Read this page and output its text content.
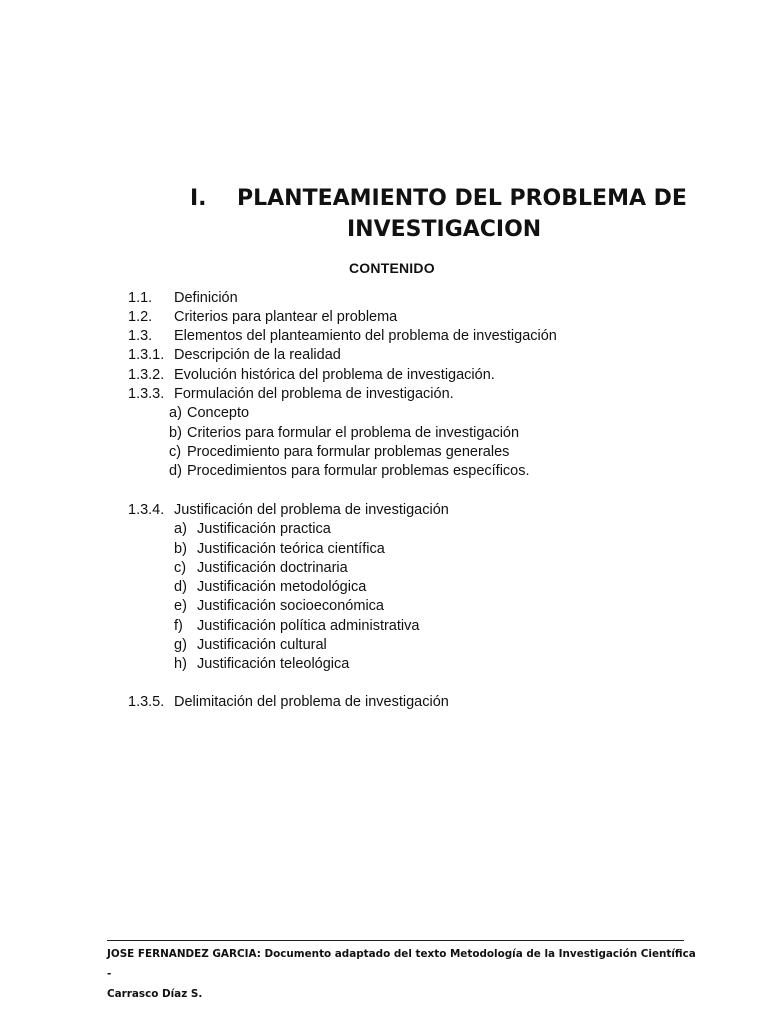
I. PLANTEAMIENTO DEL PROBLEMA DE
INVESTIGACION
CONTENIDO
1.1. Definición
1.2. Criterios para plantear el problema
1.3. Elementos del planteamiento del problema de investigación
1.3.1. Descripción de la realidad
1.3.2. Evolución histórica del problema de investigación.
1.3.3. Formulación del problema de investigación.
a) Concepto
b) Criterios para formular el problema de investigación
c) Procedimiento para formular problemas generales
d) Procedimientos para formular problemas específicos.
1.3.4. Justificación del problema de investigación
a) Justificación practica
b) Justificación teórica científica
c) Justificación doctrinaria
d) Justificación metodológica
e) Justificación socioeconómica
f) Justificación política administrativa
g) Justificación cultural
h) Justificación teleológica
1.3.5. Delimitación del problema de investigación
JOSE FERNANDEZ GARCIA: Documento adaptado del texto Metodología de la Investigación Científica -
Carrasco Díaz S.
